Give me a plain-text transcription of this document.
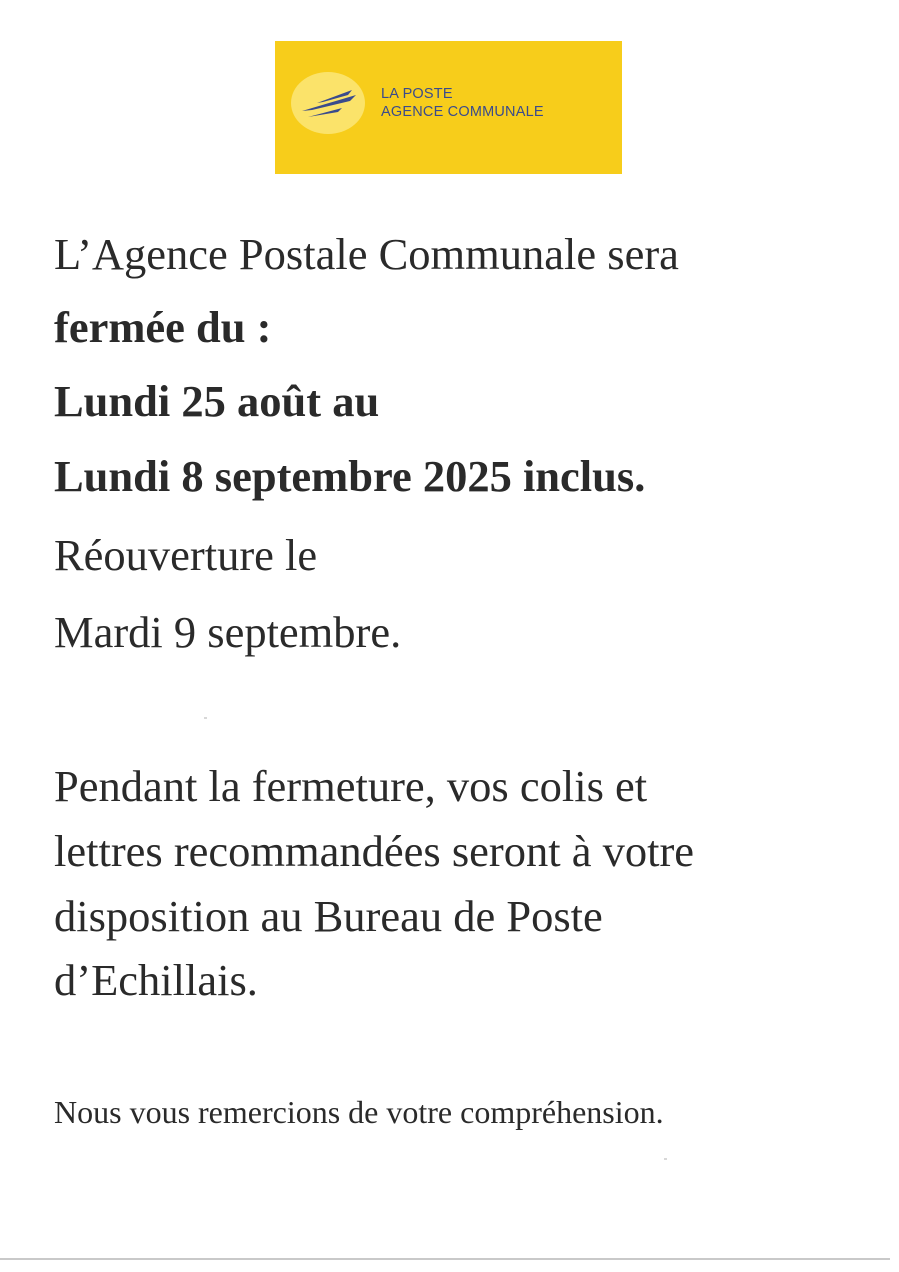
LA POSTE
AGENCE COMMUNALE
L’Agence Postale Communale sera
fermée du :
Lundi 25 août au
Lundi 8 septembre 2025 inclus.
Réouverture le
Mardi 9 septembre.
Pendant la fermeture, vos colis et
lettres recommandées seront à votre
disposition au Bureau de Poste
d’Echillais.
Nous vous remercions de votre compréhension.
